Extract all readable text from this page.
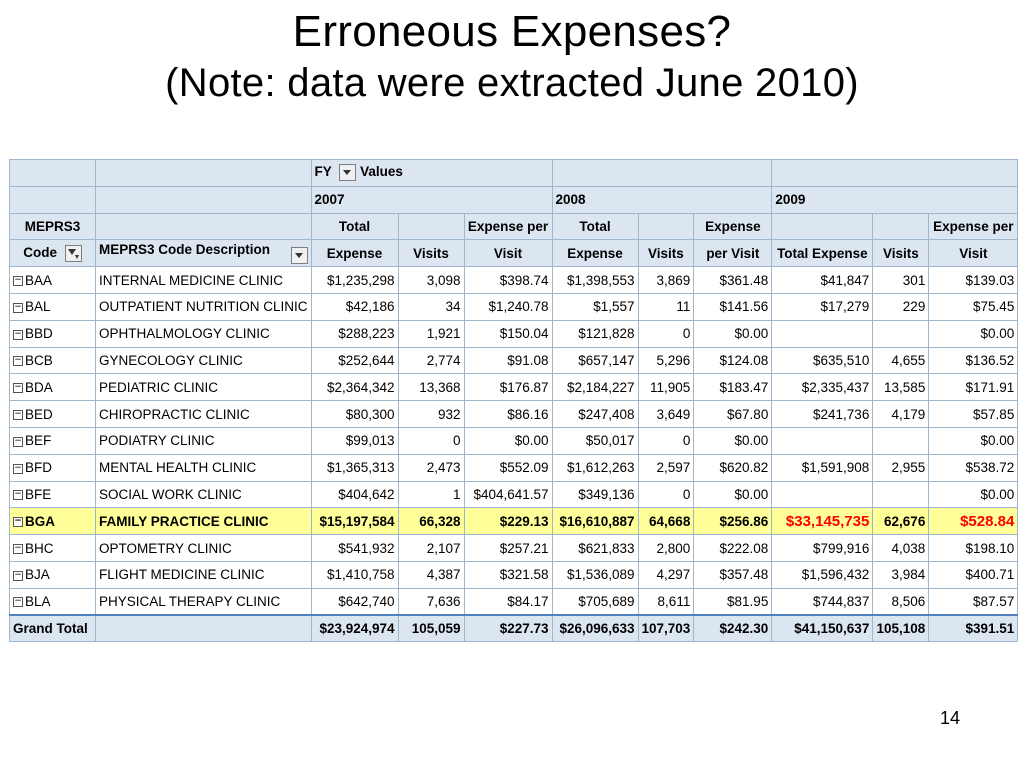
Erroneous Expenses?
(Note: data were extracted June 2010)
		FY Values								
		2007			2008			2009		
MEPRS3		Total		Expense per	Total		Expense			Expense per
Code	MEPRS3 Code Description	Expense	Visits	Visit	Expense	Visits	per Visit	Total Expense	Visits	Visit
− BAA	INTERNAL MEDICINE CLINIC	$1,235,298	3,098	$398.74	$1,398,553	3,869	$361.48	$41,847	301	$139.03
− BAL	OUTPATIENT NUTRITION CLINIC	$42,186	34	$1,240.78	$1,557	11	$141.56	$17,279	229	$75.45
− BBD	OPHTHALMOLOGY CLINIC	$288,223	1,921	$150.04	$121,828	0	$0.00			$0.00
− BCB	GYNECOLOGY CLINIC	$252,644	2,774	$91.08	$657,147	5,296	$124.08	$635,510	4,655	$136.52
− BDA	PEDIATRIC CLINIC	$2,364,342	13,368	$176.87	$2,184,227	11,905	$183.47	$2,335,437	13,585	$171.91
− BED	CHIROPRACTIC CLINIC	$80,300	932	$86.16	$247,408	3,649	$67.80	$241,736	4,179	$57.85
− BEF	PODIATRY CLINIC	$99,013	0	$0.00	$50,017	0	$0.00			$0.00
− BFD	MENTAL HEALTH CLINIC	$1,365,313	2,473	$552.09	$1,612,263	2,597	$620.82	$1,591,908	2,955	$538.72
− BFE	SOCIAL WORK CLINIC	$404,642	1	$404,641.57	$349,136	0	$0.00			$0.00
− BGA	FAMILY PRACTICE CLINIC	$15,197,584	66,328	$229.13	$16,610,887	64,668	$256.86	$33,145,735	62,676	$528.84
− BHC	OPTOMETRY CLINIC	$541,932	2,107	$257.21	$621,833	2,800	$222.08	$799,916	4,038	$198.10
− BJA	FLIGHT MEDICINE CLINIC	$1,410,758	4,387	$321.58	$1,536,089	4,297	$357.48	$1,596,432	3,984	$400.71
− BLA	PHYSICAL THERAPY CLINIC	$642,740	7,636	$84.17	$705,689	8,611	$81.95	$744,837	8,506	$87.57
Grand Total		$23,924,974	105,059	$227.73	$26,096,633	107,703	$242.30	$41,150,637	105,108	$391.51
14
